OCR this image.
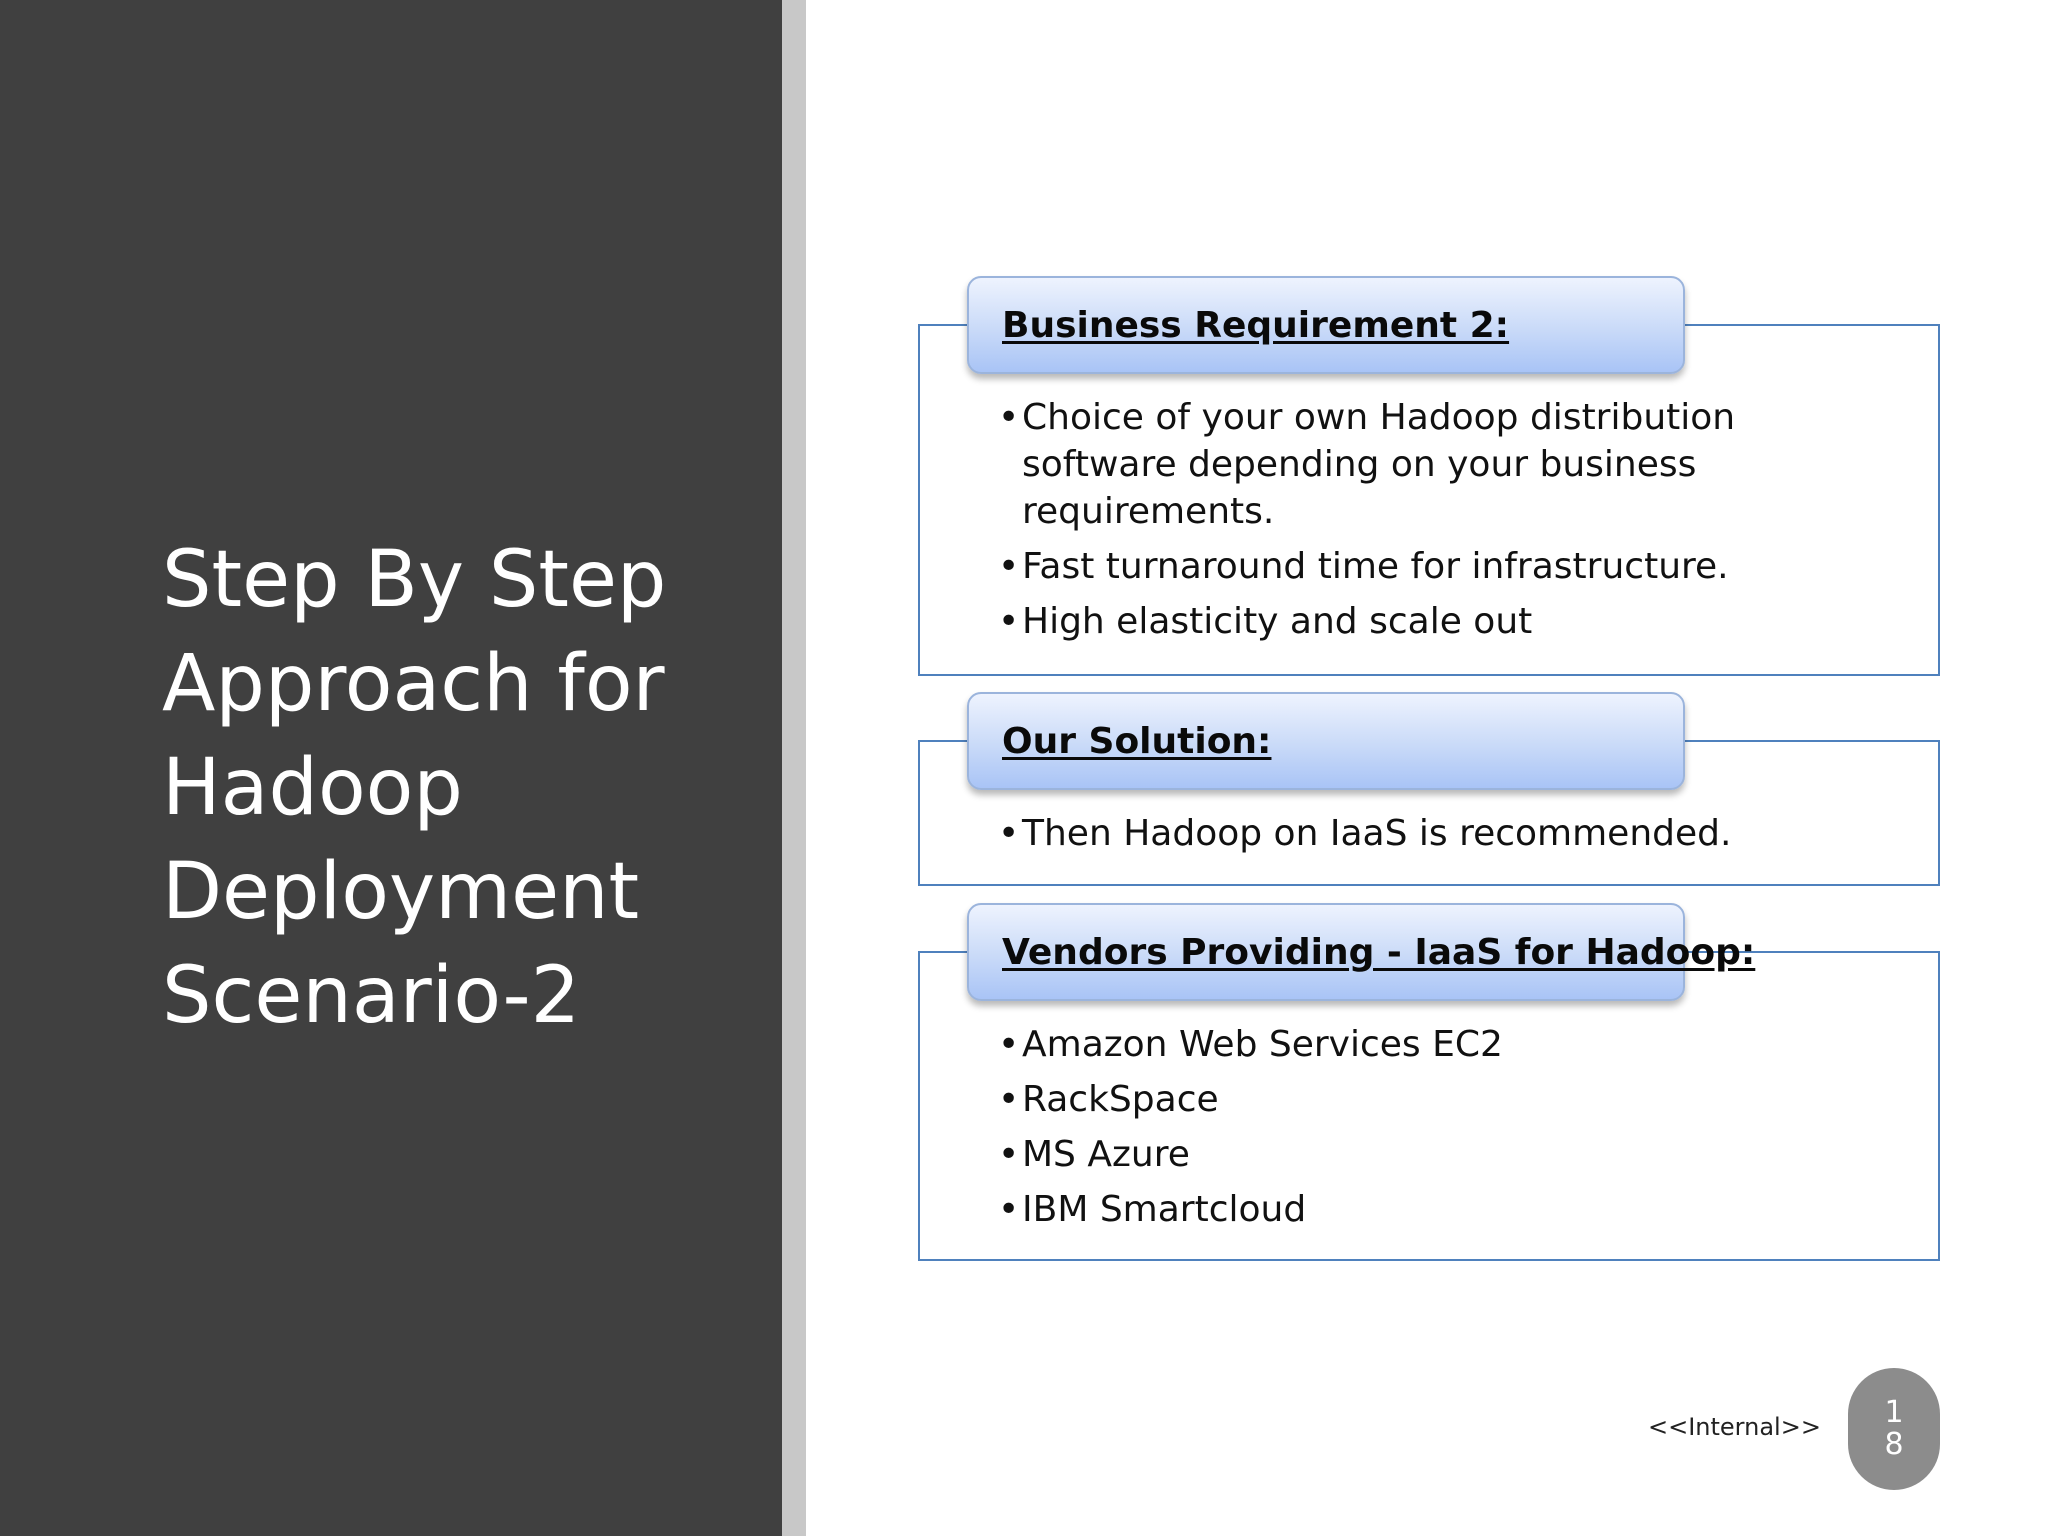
Step By Step
Approach for
Hadoop
Deployment
Scenario-2
Business Requirement 2:
• Choice of your own Hadoop distribution software depending on your business requirements.
• Fast turnaround time for infrastructure.
• High elasticity and scale out
Our Solution:
• Then Hadoop on IaaS is recommended.
Vendors Providing - IaaS for Hadoop:
• Amazon Web Services EC2
• RackSpace
• MS Azure
• IBM Smartcloud
<<Internal>> 1
8
